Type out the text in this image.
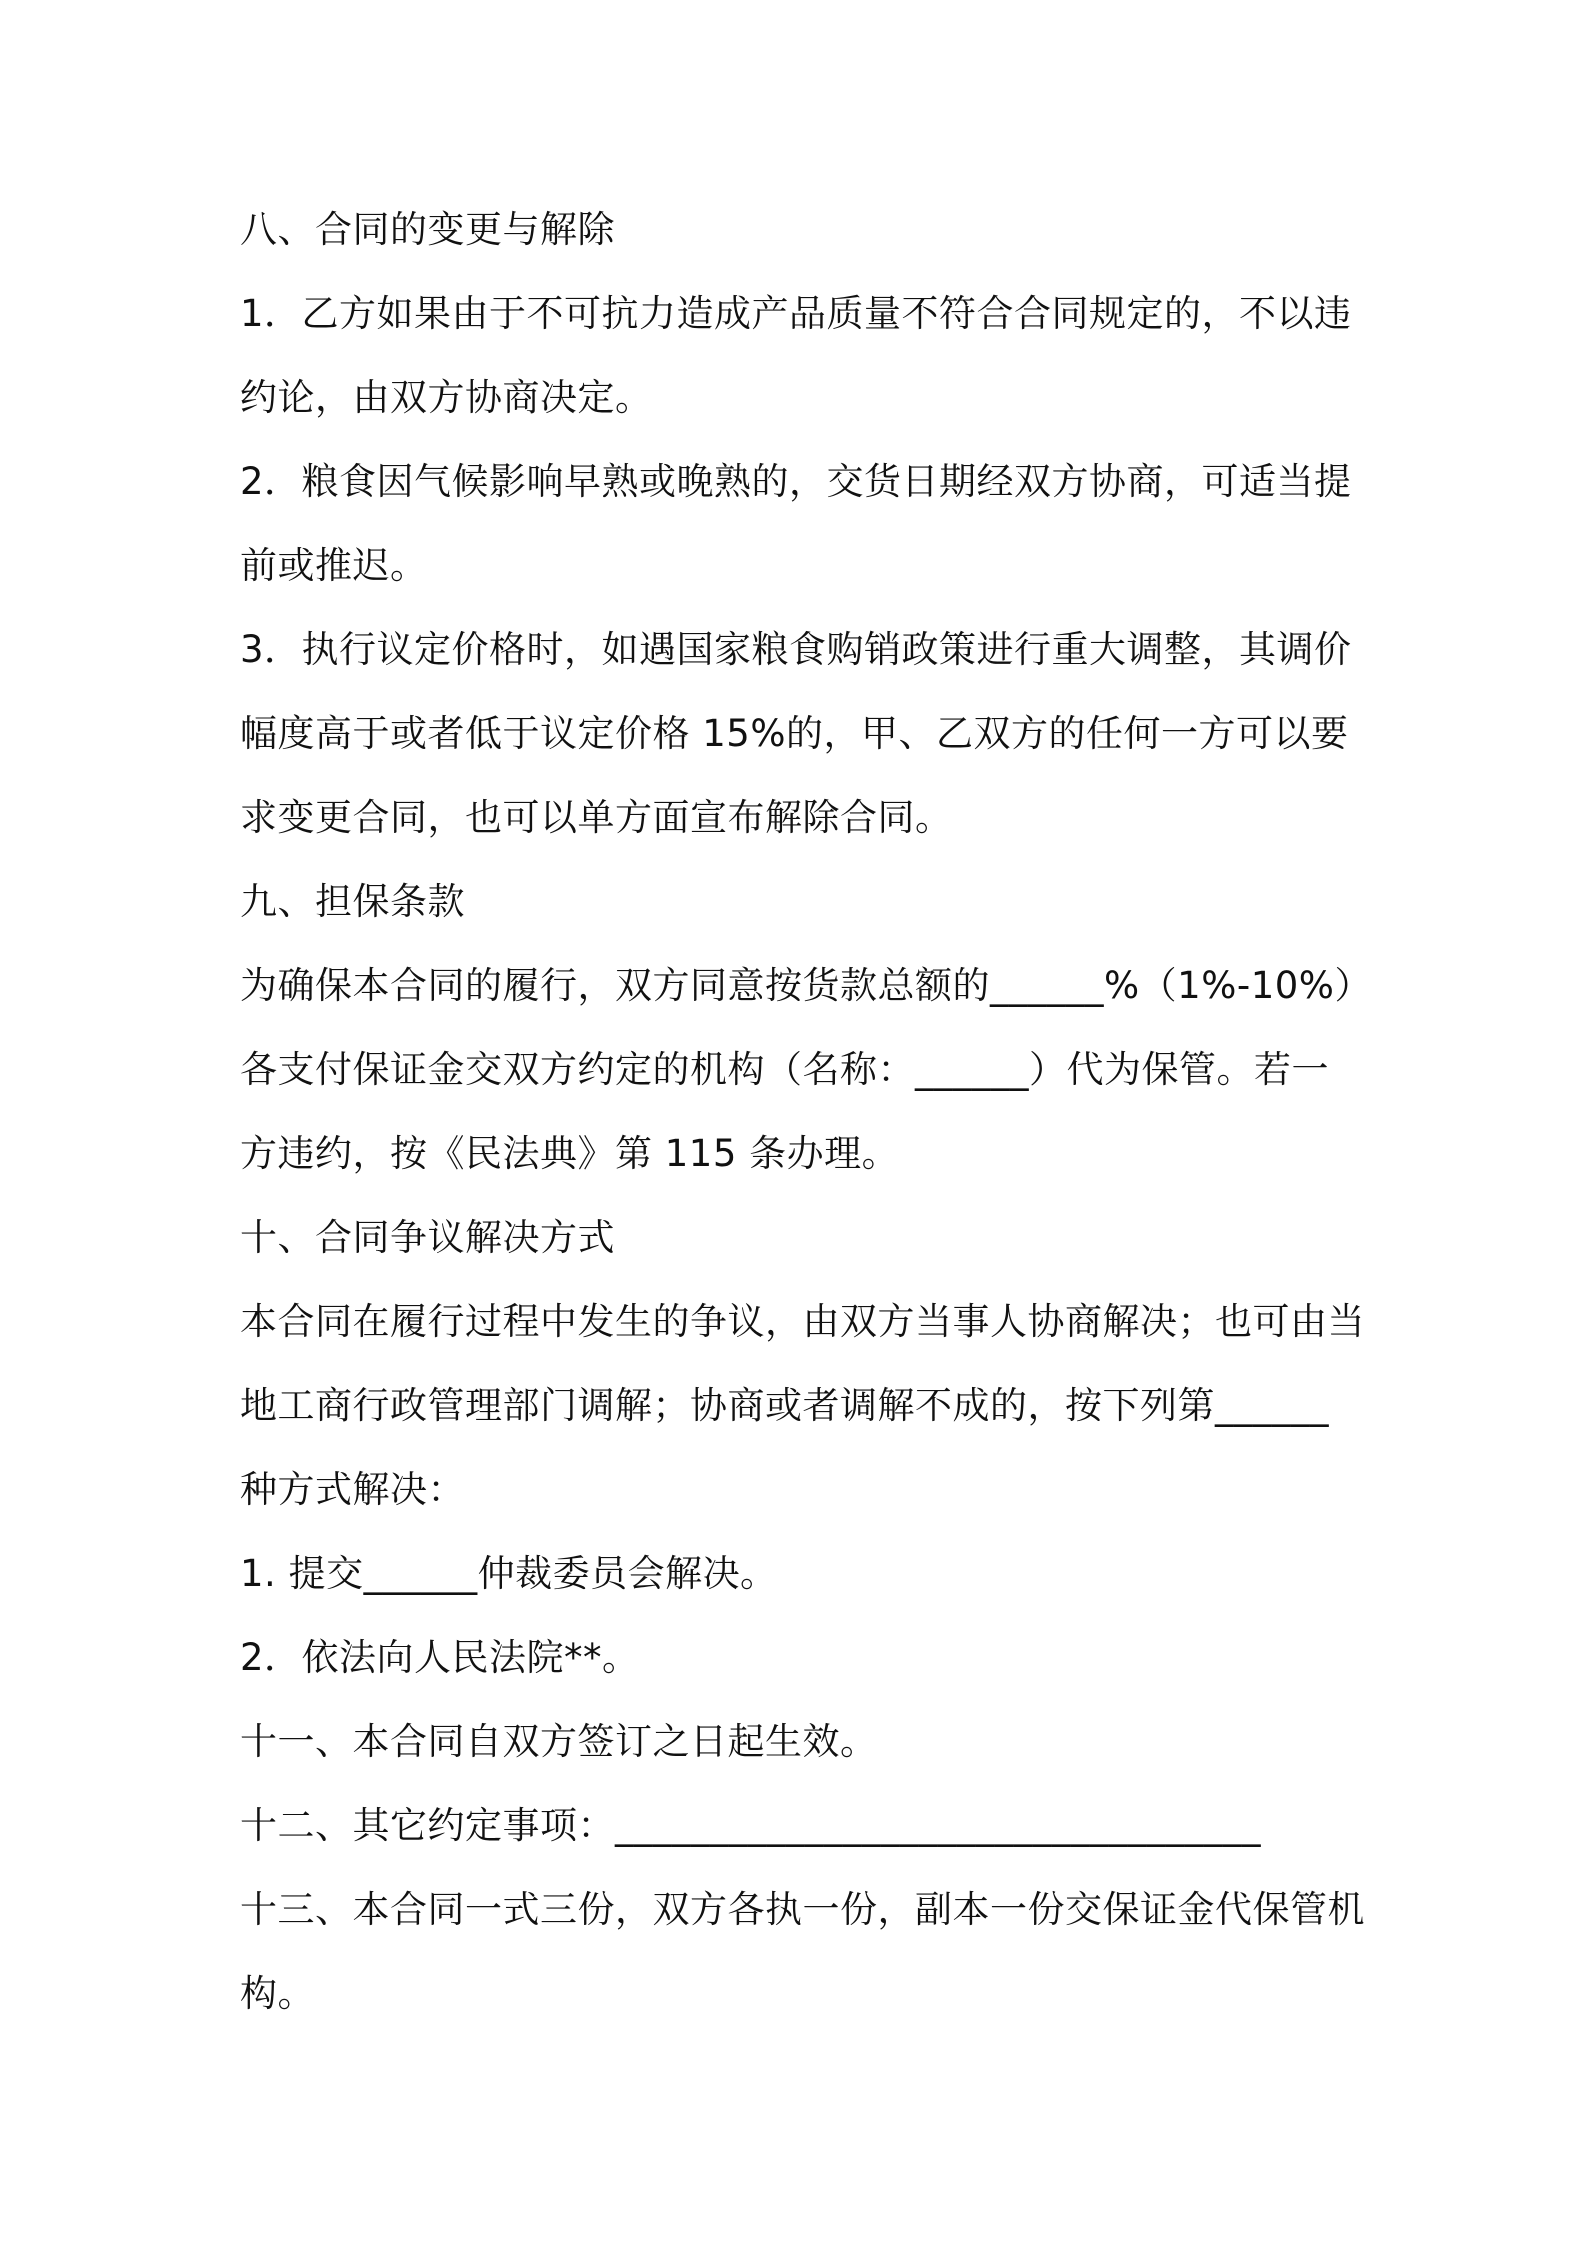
八、合同的变更与解除
1．乙方如果由于不可抗力造成产品质量不符合合同规定的，不以违
约论，由双方协商决定。
2．粮食因气候影响早熟或晚熟的，交货日期经双方协商，可适当提
前或推迟。
3．执行议定价格时，如遇国家粮食购销政策进行重大调整，其调价
幅度高于或者低于议定价格 15%的，甲、乙双方的任何一方可以要
求变更合同，也可以单方面宣布解除合同。
九、担保条款
为确保本合同的履行，双方同意按货款总额的______%（1%-10%）
各支付保证金交双方约定的机构（名称：______）代为保管。若一
方违约，按《民法典》第 115 条办理。
十、合同争议解决方式
本合同在履行过程中发生的争议，由双方当事人协商解决；也可由当
地工商行政管理部门调解；协商或者调解不成的，按下列第______
种方式解决：
1. 提交______仲裁委员会解决。
2．依法向人民法院**。
十一、本合同自双方签订之日起生效。
十二、其它约定事项：__________________________________
十三、本合同一式三份，双方各执一份，副本一份交保证金代保管机
构。
